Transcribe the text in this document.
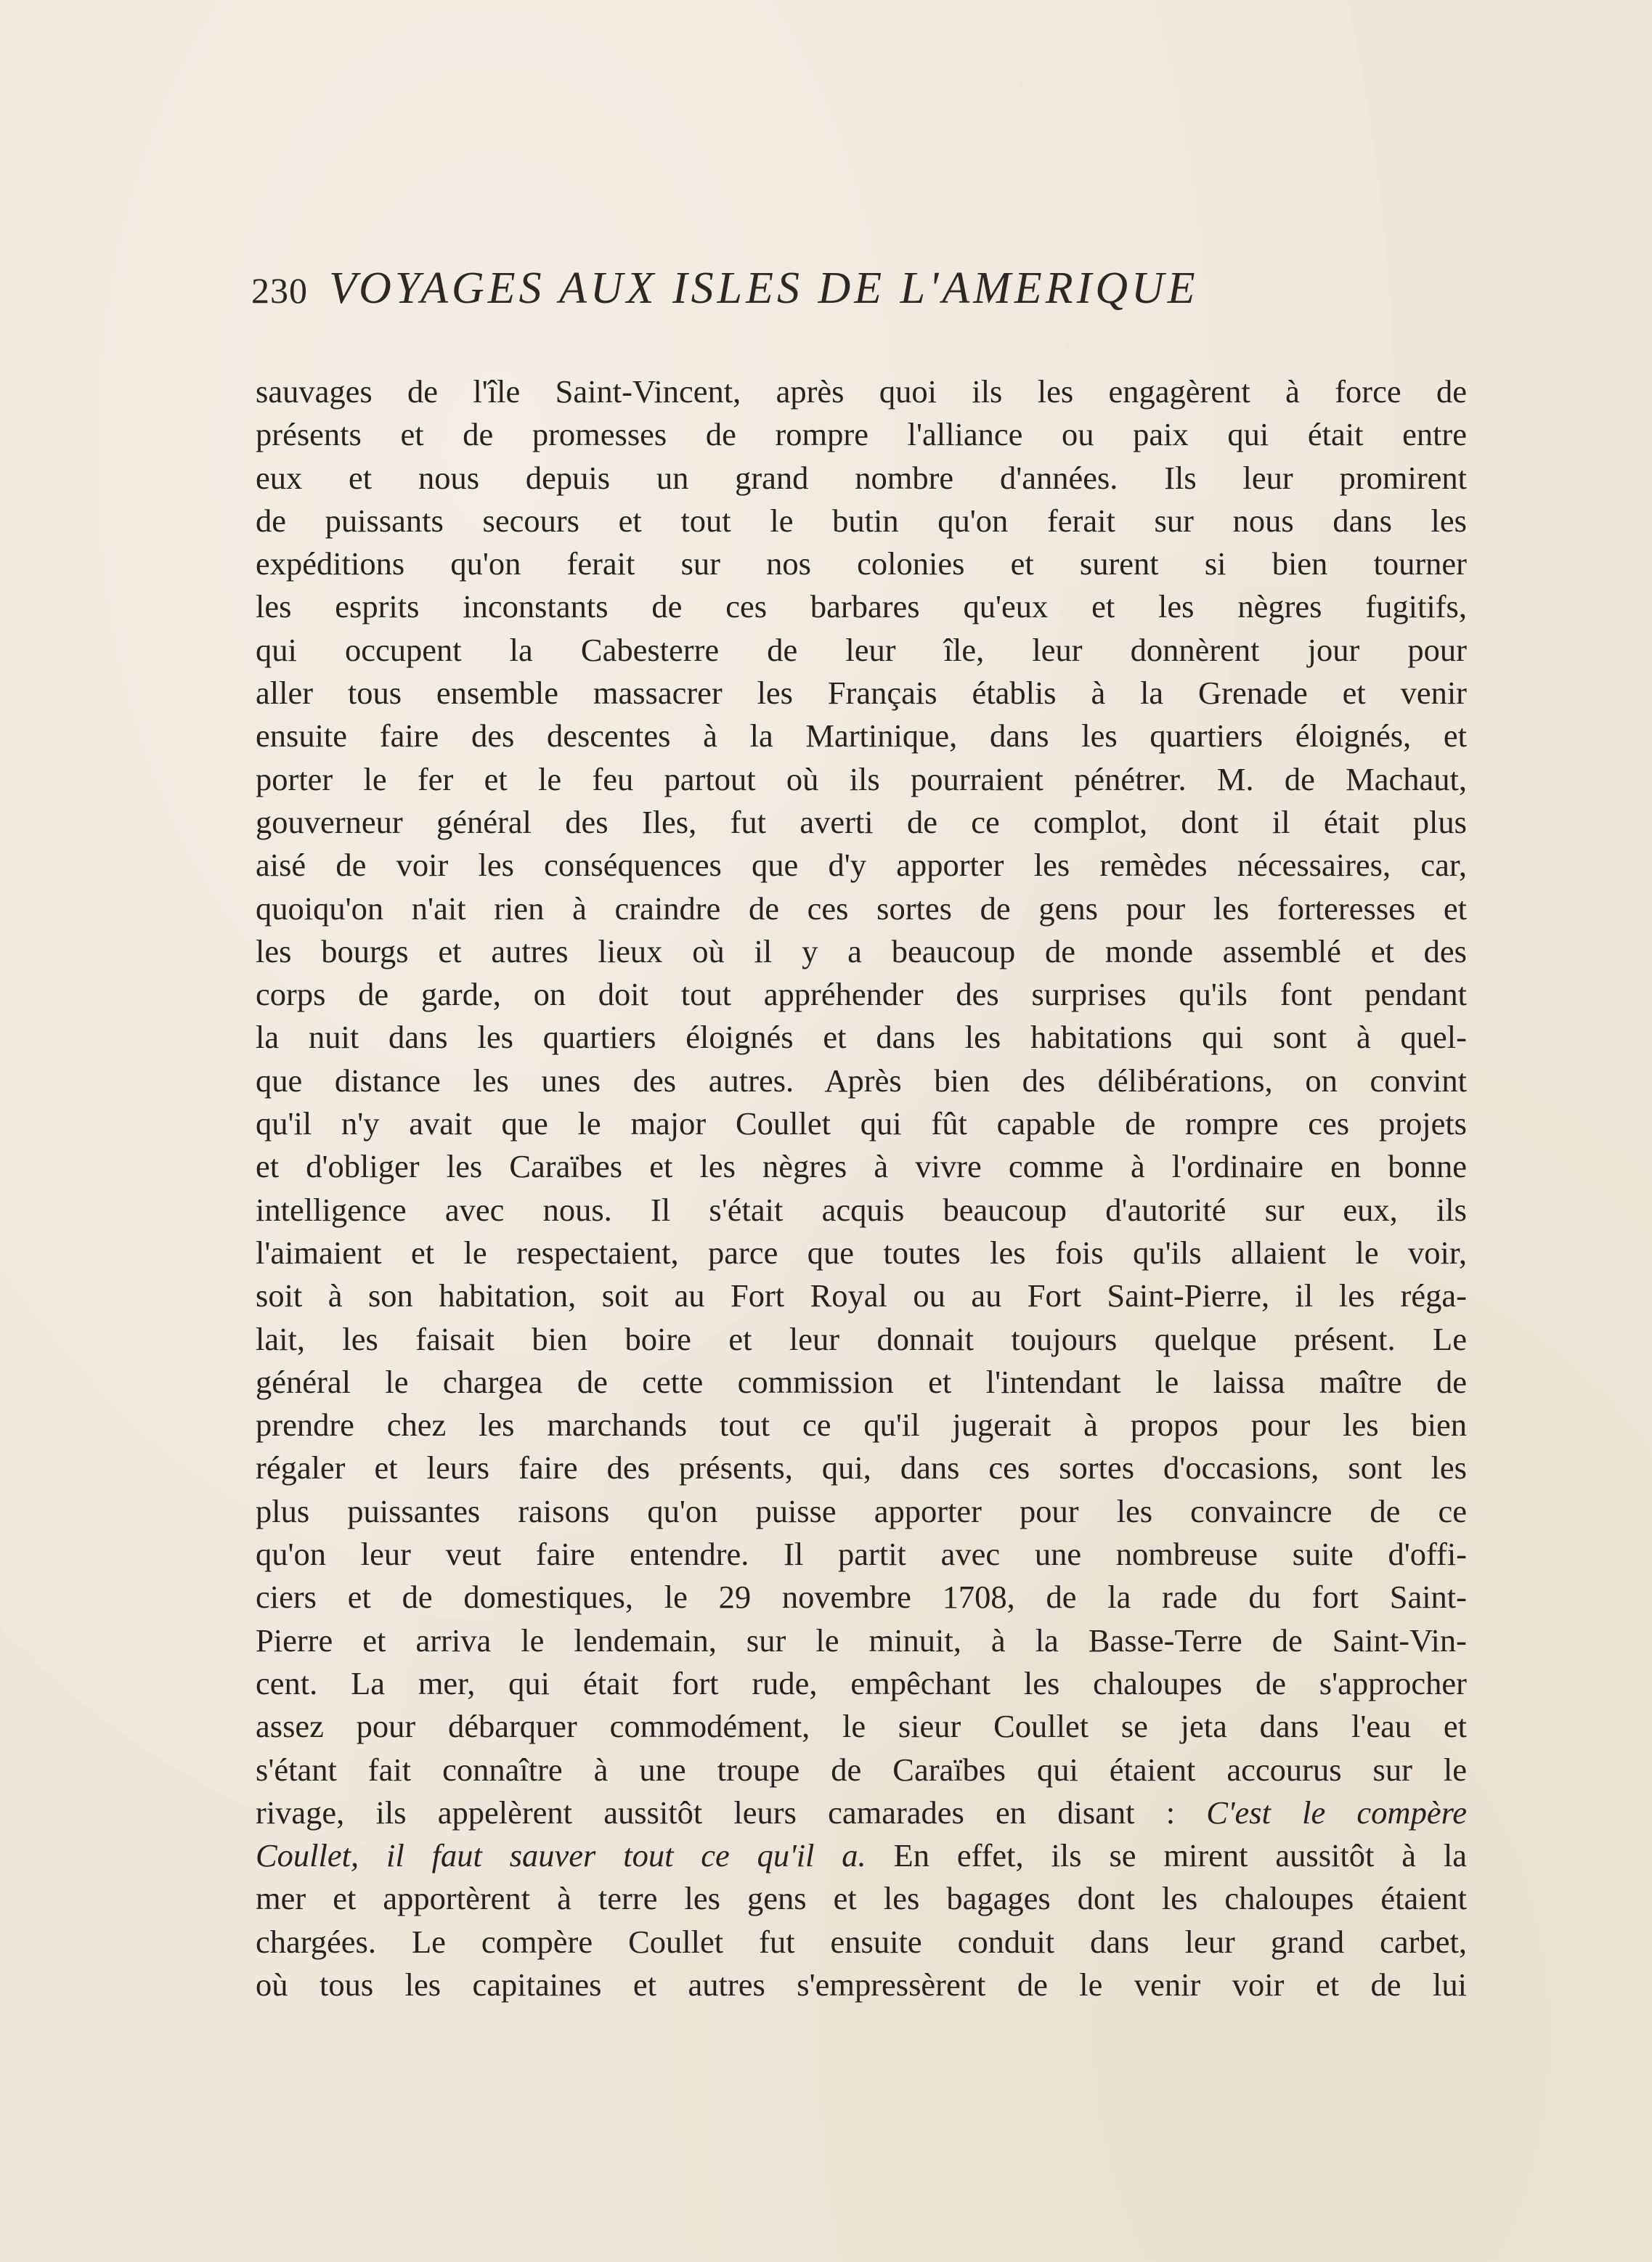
230 VOYAGES AUX ISLES DE L'AMERIQUE
sauvages de l'île Saint-Vincent, après quoi ils les engagèrent à force de
présents et de promesses de rompre l'alliance ou paix qui était entre
eux et nous depuis un grand nombre d'années. Ils leur promirent
de puissants secours et tout le butin qu'on ferait sur nous dans les
expéditions qu'on ferait sur nos colonies et surent si bien tourner
les esprits inconstants de ces barbares qu'eux et les nègres fugitifs,
qui occupent la Cabesterre de leur île, leur donnèrent jour pour
aller tous ensemble massacrer les Français établis à la Grenade et venir
ensuite faire des descentes à la Martinique, dans les quartiers éloignés, et
porter le fer et le feu partout où ils pourraient pénétrer. M. de Machaut,
gouverneur général des Iles, fut averti de ce complot, dont il était plus
aisé de voir les conséquences que d'y apporter les remèdes nécessaires, car,
quoiqu'on n'ait rien à craindre de ces sortes de gens pour les forteresses et
les bourgs et autres lieux où il y a beaucoup de monde assemblé et des
corps de garde, on doit tout appréhender des surprises qu'ils font pendant
la nuit dans les quartiers éloignés et dans les habitations qui sont à quel-
que distance les unes des autres. Après bien des délibérations, on convint
qu'il n'y avait que le major Coullet qui fût capable de rompre ces projets
et d'obliger les Caraïbes et les nègres à vivre comme à l'ordinaire en bonne
intelligence avec nous. Il s'était acquis beaucoup d'autorité sur eux, ils
l'aimaient et le respectaient, parce que toutes les fois qu'ils allaient le voir,
soit à son habitation, soit au Fort Royal ou au Fort Saint-Pierre, il les réga-
lait, les faisait bien boire et leur donnait toujours quelque présent. Le
général le chargea de cette commission et l'intendant le laissa maître de
prendre chez les marchands tout ce qu'il jugerait à propos pour les bien
régaler et leurs faire des présents, qui, dans ces sortes d'occasions, sont les
plus puissantes raisons qu'on puisse apporter pour les convaincre de ce
qu'on leur veut faire entendre. Il partit avec une nombreuse suite d'offi-
ciers et de domestiques, le 29 novembre 1708, de la rade du fort Saint-
Pierre et arriva le lendemain, sur le minuit, à la Basse-Terre de Saint-Vin-
cent. La mer, qui était fort rude, empêchant les chaloupes de s'approcher
assez pour débarquer commodément, le sieur Coullet se jeta dans l'eau et
s'étant fait connaître à une troupe de Caraïbes qui étaient accourus sur le
rivage, ils appelèrent aussitôt leurs camarades en disant : C'est le compère
Coullet, il faut sauver tout ce qu'il a. En effet, ils se mirent aussitôt à la
mer et apportèrent à terre les gens et les bagages dont les chaloupes étaient
chargées. Le compère Coullet fut ensuite conduit dans leur grand carbet,
où tous les capitaines et autres s'empressèrent de le venir voir et de lui
